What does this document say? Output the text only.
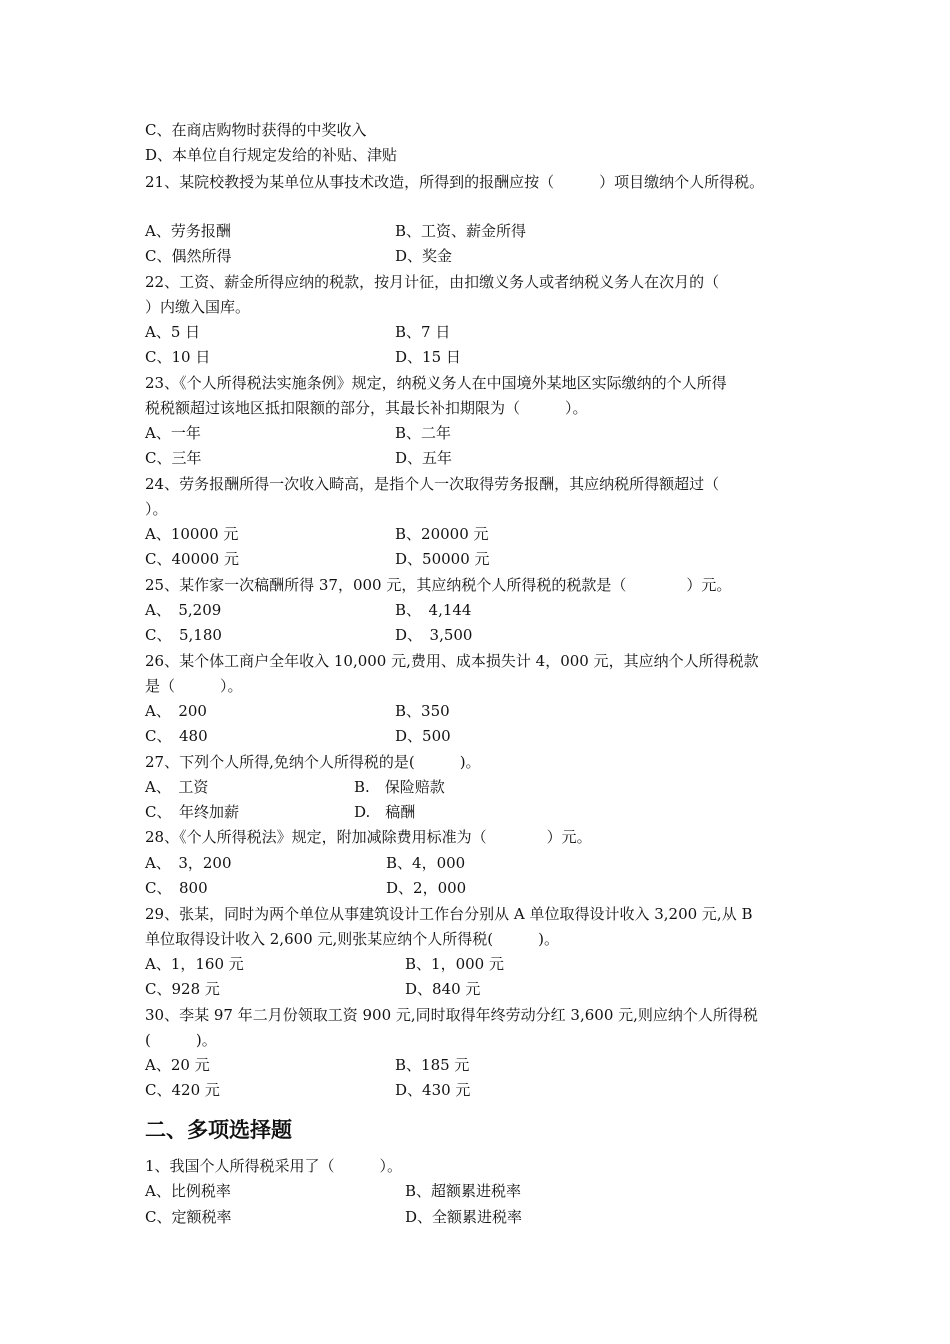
C、在商店购物时获得的中奖收入
D、本单位自行规定发给的补贴、津贴
21、某院校教授为某单位从事技术改造，所得到的报酬应按（　　　）项目缴纳个人所得税。
A、劳务报酬	B、工资、薪金所得
C、偶然所得	D、奖金
22、工资、薪金所得应纳的税款，按月计征，由扣缴义务人或者纳税义务人在次月的（
）内缴入国库。
A、5 日	B、7 日
C、10 日	D、15 日
23、《个人所得税法实施条例》规定，纳税义务人在中国境外某地区实际缴纳的个人所得
税税额超过该地区抵扣限额的部分，其最长补扣期限为（　　　）。
A、一年	B、二年
C、三年	D、五年
24、劳务报酬所得一次收入畸高，是指个人一次取得劳务报酬，其应纳税所得额超过（
）。
A、10000 元	B、20000 元
C、40000 元	D、50000 元
25、某作家一次稿酬所得 37，000 元，其应纳税个人所得税的税款是（　　　　）元。
A、　5,209	B、　4,144
C、　5,180	D、　3,500
26、某个体工商户全年收入 10,000 元,费用、成本损失计 4，000 元，其应纳个人所得税款
是（　　　）。
A、　200	B、350
C、　480	D、500
27、下列个人所得,免纳个人所得税的是(　　　)。
A、　工资	B.　保险赔款
C、　年终加薪	D.　稿酬
28、《个人所得税法》规定，附加减除费用标准为（　　　　）元。
A、　3，200	B、4，000
C、　800	D、2，000
29、张某，同时为两个单位从事建筑设计工作台分别从 A 单位取得设计收入 3,200 元,从 B
单位取得设计收入 2,600 元,则张某应纳个人所得税(　　　)。
A、1，160 元	B、1，000 元
C、928 元	D、840 元
30、李某 97 年二月份领取工资 900 元,同时取得年终劳动分红 3,600 元,则应纳个人所得税
(　　　)。
A、20 元	B、185 元
C、420 元	D、430 元
二、多项选择题
1、我国个人所得税采用了（　　　）。
A、比例税率	B、超额累进税率
C、定额税率	D、全额累进税率
